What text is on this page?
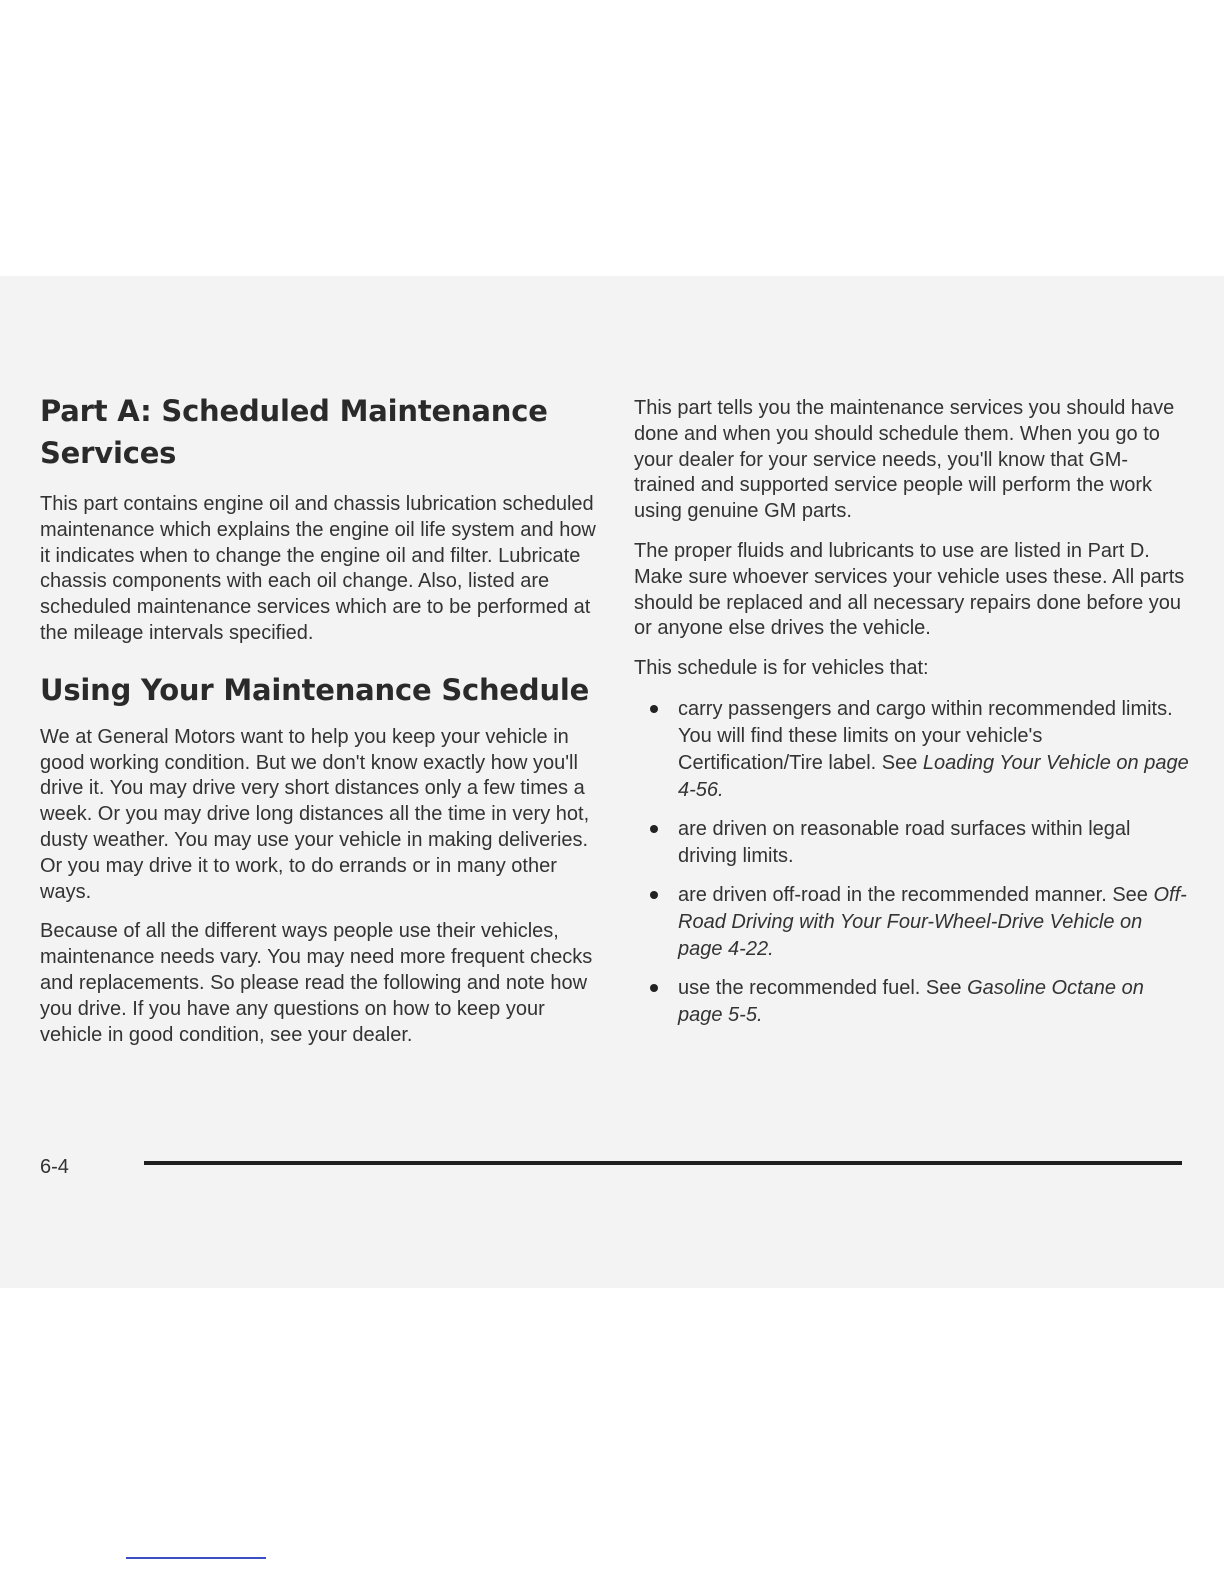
Part A: Scheduled Maintenance Services

This part contains engine oil and chassis lubrication scheduled maintenance which explains the engine oil life system and how it indicates when to change the engine oil and filter. Lubricate chassis components with each oil change. Also, listed are scheduled maintenance services which are to be performed at the mileage intervals specified.

Using Your Maintenance Schedule

We at General Motors want to help you keep your vehicle in good working condition. But we don't know exactly how you'll drive it. You may drive very short distances only a few times a week. Or you may drive long distances all the time in very hot, dusty weather. You may use your vehicle in making deliveries. Or you may drive it to work, to do errands or in many other ways.

Because of all the different ways people use their vehicles, maintenance needs vary. You may need more frequent checks and replacements. So please read the following and note how you drive. If you have any questions on how to keep your vehicle in good condition, see your dealer.

This part tells you the maintenance services you should have done and when you should schedule them. When you go to your dealer for your service needs, you'll know that GM-trained and supported service people will perform the work using genuine GM parts.

The proper fluids and lubricants to use are listed in Part D. Make sure whoever services your vehicle uses these. All parts should be replaced and all necessary repairs done before you or anyone else drives the vehicle.

This schedule is for vehicles that:

carry passengers and cargo within recommended limits. You will find these limits on your vehicle's Certification/Tire label. See Loading Your Vehicle on page 4-56.
are driven on reasonable road surfaces within legal driving limits.
are driven off-road in the recommended manner. See Off-Road Driving with Your Four-Wheel-Drive Vehicle on page 4-22.
use the recommended fuel. See Gasoline Octane on page 5-5.
6-4
